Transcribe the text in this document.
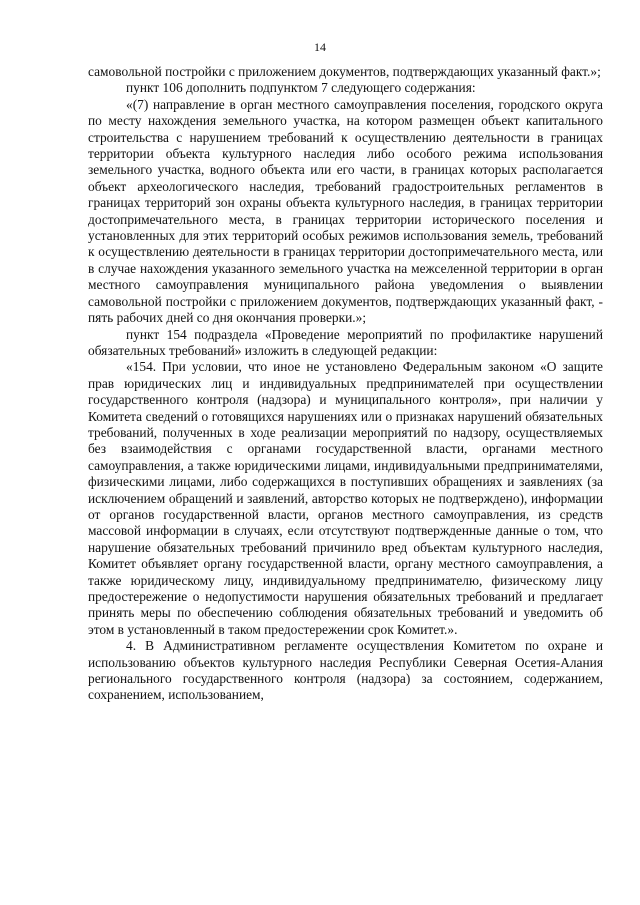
14

самовольной постройки с приложением документов, подтверждающих указанный факт.»;

пункт 106 дополнить подпунктом 7 следующего содержания:

«(7) направление в орган местного самоуправления поселения, городского округа по месту нахождения земельного участка, на котором размещен объект капитального строительства с нарушением требований к осуществлению деятельности в границах территории объекта культурного наследия либо особого режима использования земельного участка, водного объекта или его части, в границах которых располагается объект археологического наследия, требований градостроительных регламентов в границах территорий зон охраны объекта культурного наследия, в границах территории достопримечательного места, в границах территории исторического поселения и установленных для этих территорий особых режимов использования земель, требований к осуществлению деятельности в границах территории достопримечательного места, или в случае нахождения указанного земельного участка на межселенной территории в орган местного самоуправления муниципального района уведомления о выявлении самовольной постройки с приложением документов, подтверждающих указанный факт, - пять рабочих дней со дня окончания проверки.»;

пункт 154 подраздела «Проведение мероприятий по профилактике нарушений обязательных требований» изложить в следующей редакции:

«154. При условии, что иное не установлено Федеральным законом «О защите прав юридических лиц и индивидуальных предпринимателей при осуществлении государственного контроля (надзора) и муниципального контроля», при наличии у Комитета сведений о готовящихся нарушениях или о признаках нарушений обязательных требований, полученных в ходе реализации мероприятий по надзору, осуществляемых без взаимодействия с органами государственной власти, органами местного самоуправления, а также юридическими лицами, индивидуальными предпринимателями, физическими лицами, либо содержащихся в поступивших обращениях и заявлениях (за исключением обращений и заявлений, авторство которых не подтверждено), информации от органов государственной власти, органов местного самоуправления, из средств массовой информации в случаях, если отсутствуют подтвержденные данные о том, что нарушение обязательных требований причинило вред объектам культурного наследия, Комитет объявляет органу государственной власти, органу местного самоуправления, а также юридическому лицу, индивидуальному предпринимателю, физическому лицу предостережение о недопустимости нарушения обязательных требований и предлагает принять меры по обеспечению соблюдения обязательных требований и уведомить об этом в установленный в таком предостережении срок Комитет.».

4. В Административном регламенте осуществления Комитетом по охране и использованию объектов культурного наследия Республики Северная Осетия-Алания регионального государственного контроля (надзора) за состоянием, содержанием, сохранением, использованием,
